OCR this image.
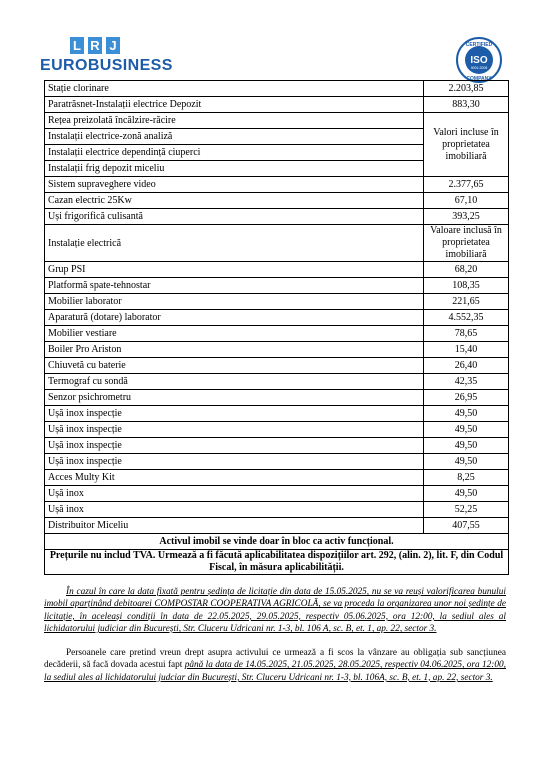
L R J
EUROBUSINESS
CERTIFIED
ISO
9001:2008
COMPANY
Stație clorinare	2.203,85
Paratrăsnet-Instalații electrice Depozit	883,30
Rețea preizolată încălzire-răcire	Valori incluse în proprietatea imobiliară
Instalații electrice-zonă analiză	
Instalații electrice dependință ciuperci	
Instalații frig depozit miceliu	
Sistem supraveghere video	2.377,65
Cazan electric 25Kw	67,10
Uși frigorifică culisantă	393,25
Instalație electrică	Valoare inclusă în proprietatea imobiliară
Grup PSI	68,20
Platformă spate-tehnostar	108,35
Mobilier laborator	221,65
Aparatură (dotare) laborator	4.552,35
Mobilier vestiare	78,65
Boiler Pro Ariston	15,40
Chiuvetă cu baterie	26,40
Termograf cu sondă	42,35
Senzor psichrometru	26,95
Ușă inox inspecție	49,50
Ușă inox inspecție	49,50
Ușă inox inspecție	49,50
Ușă inox inspecție	49,50
Acces Multy Kit	8,25
Ușă inox	49,50
Ușă inox	52,25
Distribuitor Miceliu	407,55
Activul imobil se vinde doar în bloc ca activ funcțional.	
Prețurile nu includ TVA. Urmează a fi făcută aplicabilitatea dispozițiilor art. 292, (alin. 2), lit. F, din Codul Fiscal, în măsura aplicabilității.	
În cazul în care la data fixată pentru ședința de licitație din data de 15.05.2025, nu se va reuși valorificarea bunului imobil aparținând debitoarei COMPOSTAR COOPERATIVA AGRICOLĂ, se va proceda la organizarea unor noi ședințe de licitație, în aceleași condiții în data de 22.05.2025, 29.05.2025, respectiv 05.06.2025, ora 12:00, la sediul ales al lichidatorului judiciar din București, Str. Cluceru Udricani nr. 1-3, bl. 106 A, sc. B, et. 1, ap. 22, sector 3.
Persoanele care pretind vreun drept asupra activului ce urmează a fi scos la vânzare au obligația sub sancțiunea decăderii, să facă dovada acestui fapt până la data de 14.05.2025, 21.05.2025, 28.05.2025, respectiv 04.06.2025, ora 12:00, la sediul ales al lichidatorului judciar din București, Str. Cluceru Udricani nr. 1-3, bl. 106A, sc. B, et. 1, ap. 22, sector 3.
